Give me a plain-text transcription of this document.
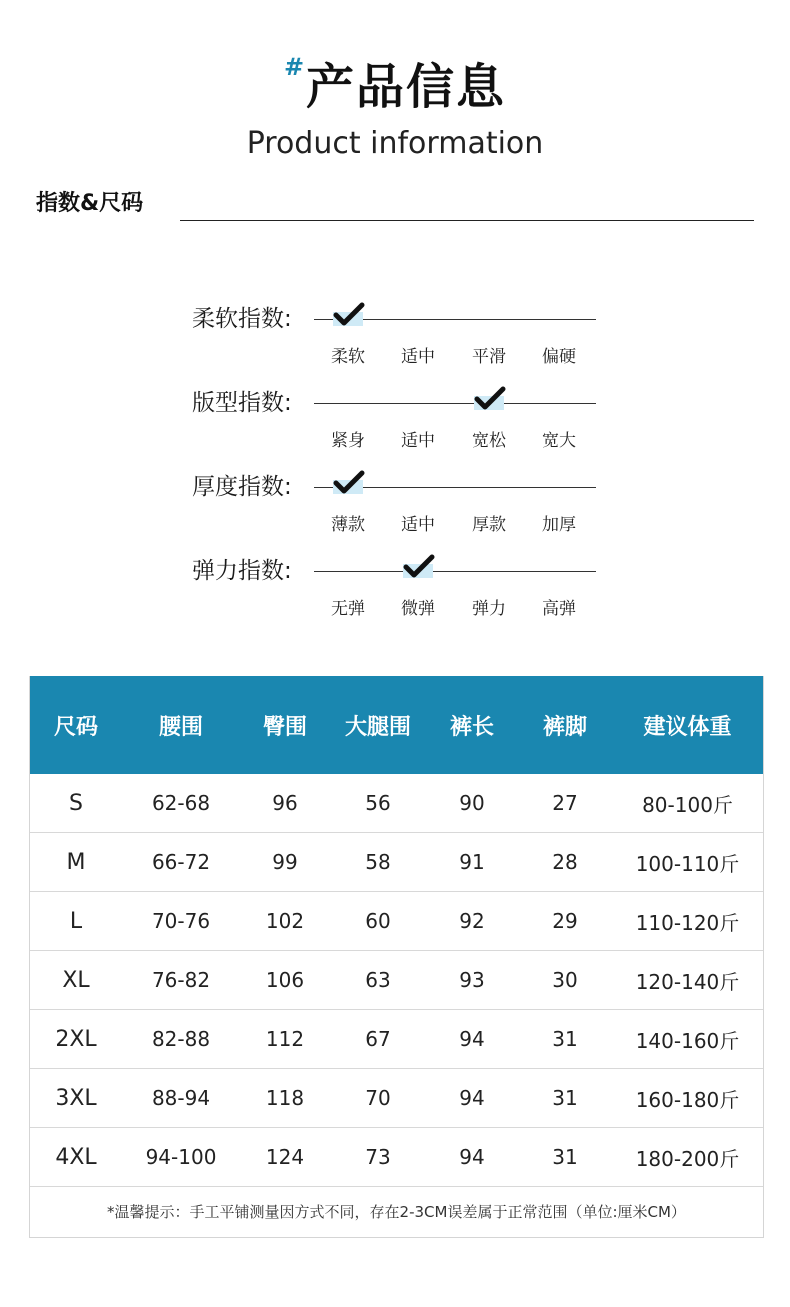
#产品信息
Product information
指数&尺码
柔软指数:
柔软	适中	平滑	偏硬
版型指数:
紧身	适中	宽松	宽大
厚度指数:
薄款	适中	厚款	加厚
弹力指数:
无弹	微弹	弹力	高弹
尺码	腰围	臀围	大腿围	裤长	裤脚	建议体重
S	62-68	96	56	90	27	80-100斤
M	66-72	99	58	91	28	100-110斤
L	70-76	102	60	92	29	110-120斤
XL	76-82	106	63	93	30	120-140斤
2XL	82-88	112	67	94	31	140-160斤
3XL	88-94	118	70	94	31	160-180斤
4XL	94-100	124	73	94	31	180-200斤
*温馨提示：手工平铺测量因方式不同，存在2-3CM误差属于正常范围（单位:厘米CM）
